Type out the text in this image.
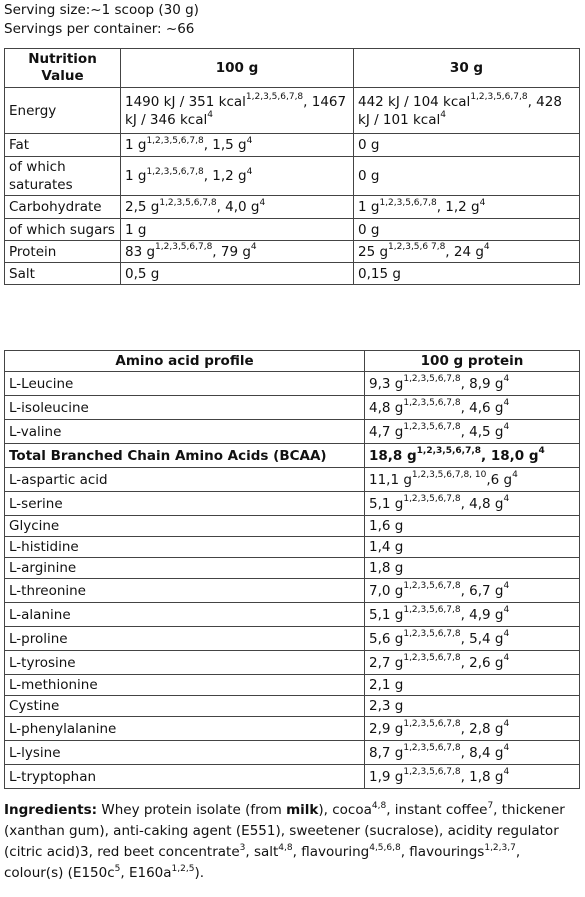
Serving size:~1 scoop (30 g)
Servings per container: ~66
Nutrition Value	100 g	30 g
Energy	1490 kJ / 351 kcal$^{1,2,3,5,6,7,8}$, 1467 kJ / 346 kcal$^4$	442 kJ / 104 kcal$^{1,2,3,5,6,7,8}$, 428 kJ / 101 kcal$^4$
Fat	1 $g^{1,2,3,5,6,7,8}$, 1,5 $g^4$	0 g
of which saturates	1 $g^{1,2,3,5,6,7,8}$, 1,2 $g^4$	0 g
Carbohydrate	2,5 $g^{1,2,3,5,6,7,8}$, 4,0 $g^4$	1 $g^{1,2,3,5,6,7,8}$, 1,2 $g^4$
of which sugars	1 g	0 g
Protein	83 $g^{1,2,3,5,6,7,8}$, 79 $g^4$	25 $g^{1,2,3,5,6 7,8}$, 24 $g^4$
Salt	0,5 g	0,15 g
Amino acid profile	100 g protein
L-Leucine	9,3 $g^{1,2,3,5,6,7,8}$, 8,9 $g^4$
L-isoleucine	4,8 $g^{1,2,3,5,6,7,8}$, 4,6 $g^4$
L-valine	4,7 $g^{1,2,3,5,6,7,8}$, 4,5 $g^4$
Total Branched Chain Amino Acids (BCAA)	18,8 $g^{1,2,3,5,6,7,8}$, 18,0 $g^4$
L-aspartic acid	11,1 $g^{1,2,3,5,6,7,8, 10},6$ $g^4$
L-serine	5,1 $g^{1,2,3,5,6,7,8}$, 4,8 $g^4$
Glycine	1,6 g
L-histidine	1,4 g
L-arginine	1,8 g
L-threonine	7,0 $g^{1,2,3,5,6,7,8}$, 6,7 $g^4$
L-alanine	5,1 $g^{1,2,3,5,6,7,8}$, 4,9 $g^4$
L-proline	5,6 $g^{1,2,3,5,6,7,8}$, 5,4 $g^4$
L-tyrosine	2,7 $g^{1,2,3,5,6,7,8}$, 2,6 $g^4$
L-methionine	2,1 g
Cystine	2,3 g
L-phenylalanine	2,9 $g^{1,2,3,5,6,7,8}$, 2,8 $g^4$
L-lysine	8,7 $g^{1,2,3,5,6,7,8}$, 8,4 $g^4$
L-tryptophan	1,9 $g^{1,2,3,5,6,7,8}$, 1,8 $g^4$
Ingredients: Whey protein isolate (from milk), cocoa$^{4,8}$, instant coffee$^7$, thickener (xanthan gum), anti-caking agent (E551), sweetener (sucralose), acidity regulator (citric acid)3, red beet concentrate$^3$, salt$^{4,8}$, flavouring$^{4,5,6,8}$, flavourings$^{1,2,3,7}$, colour(s) ($E150c^5$, $E160a^{1,2,5}$).
